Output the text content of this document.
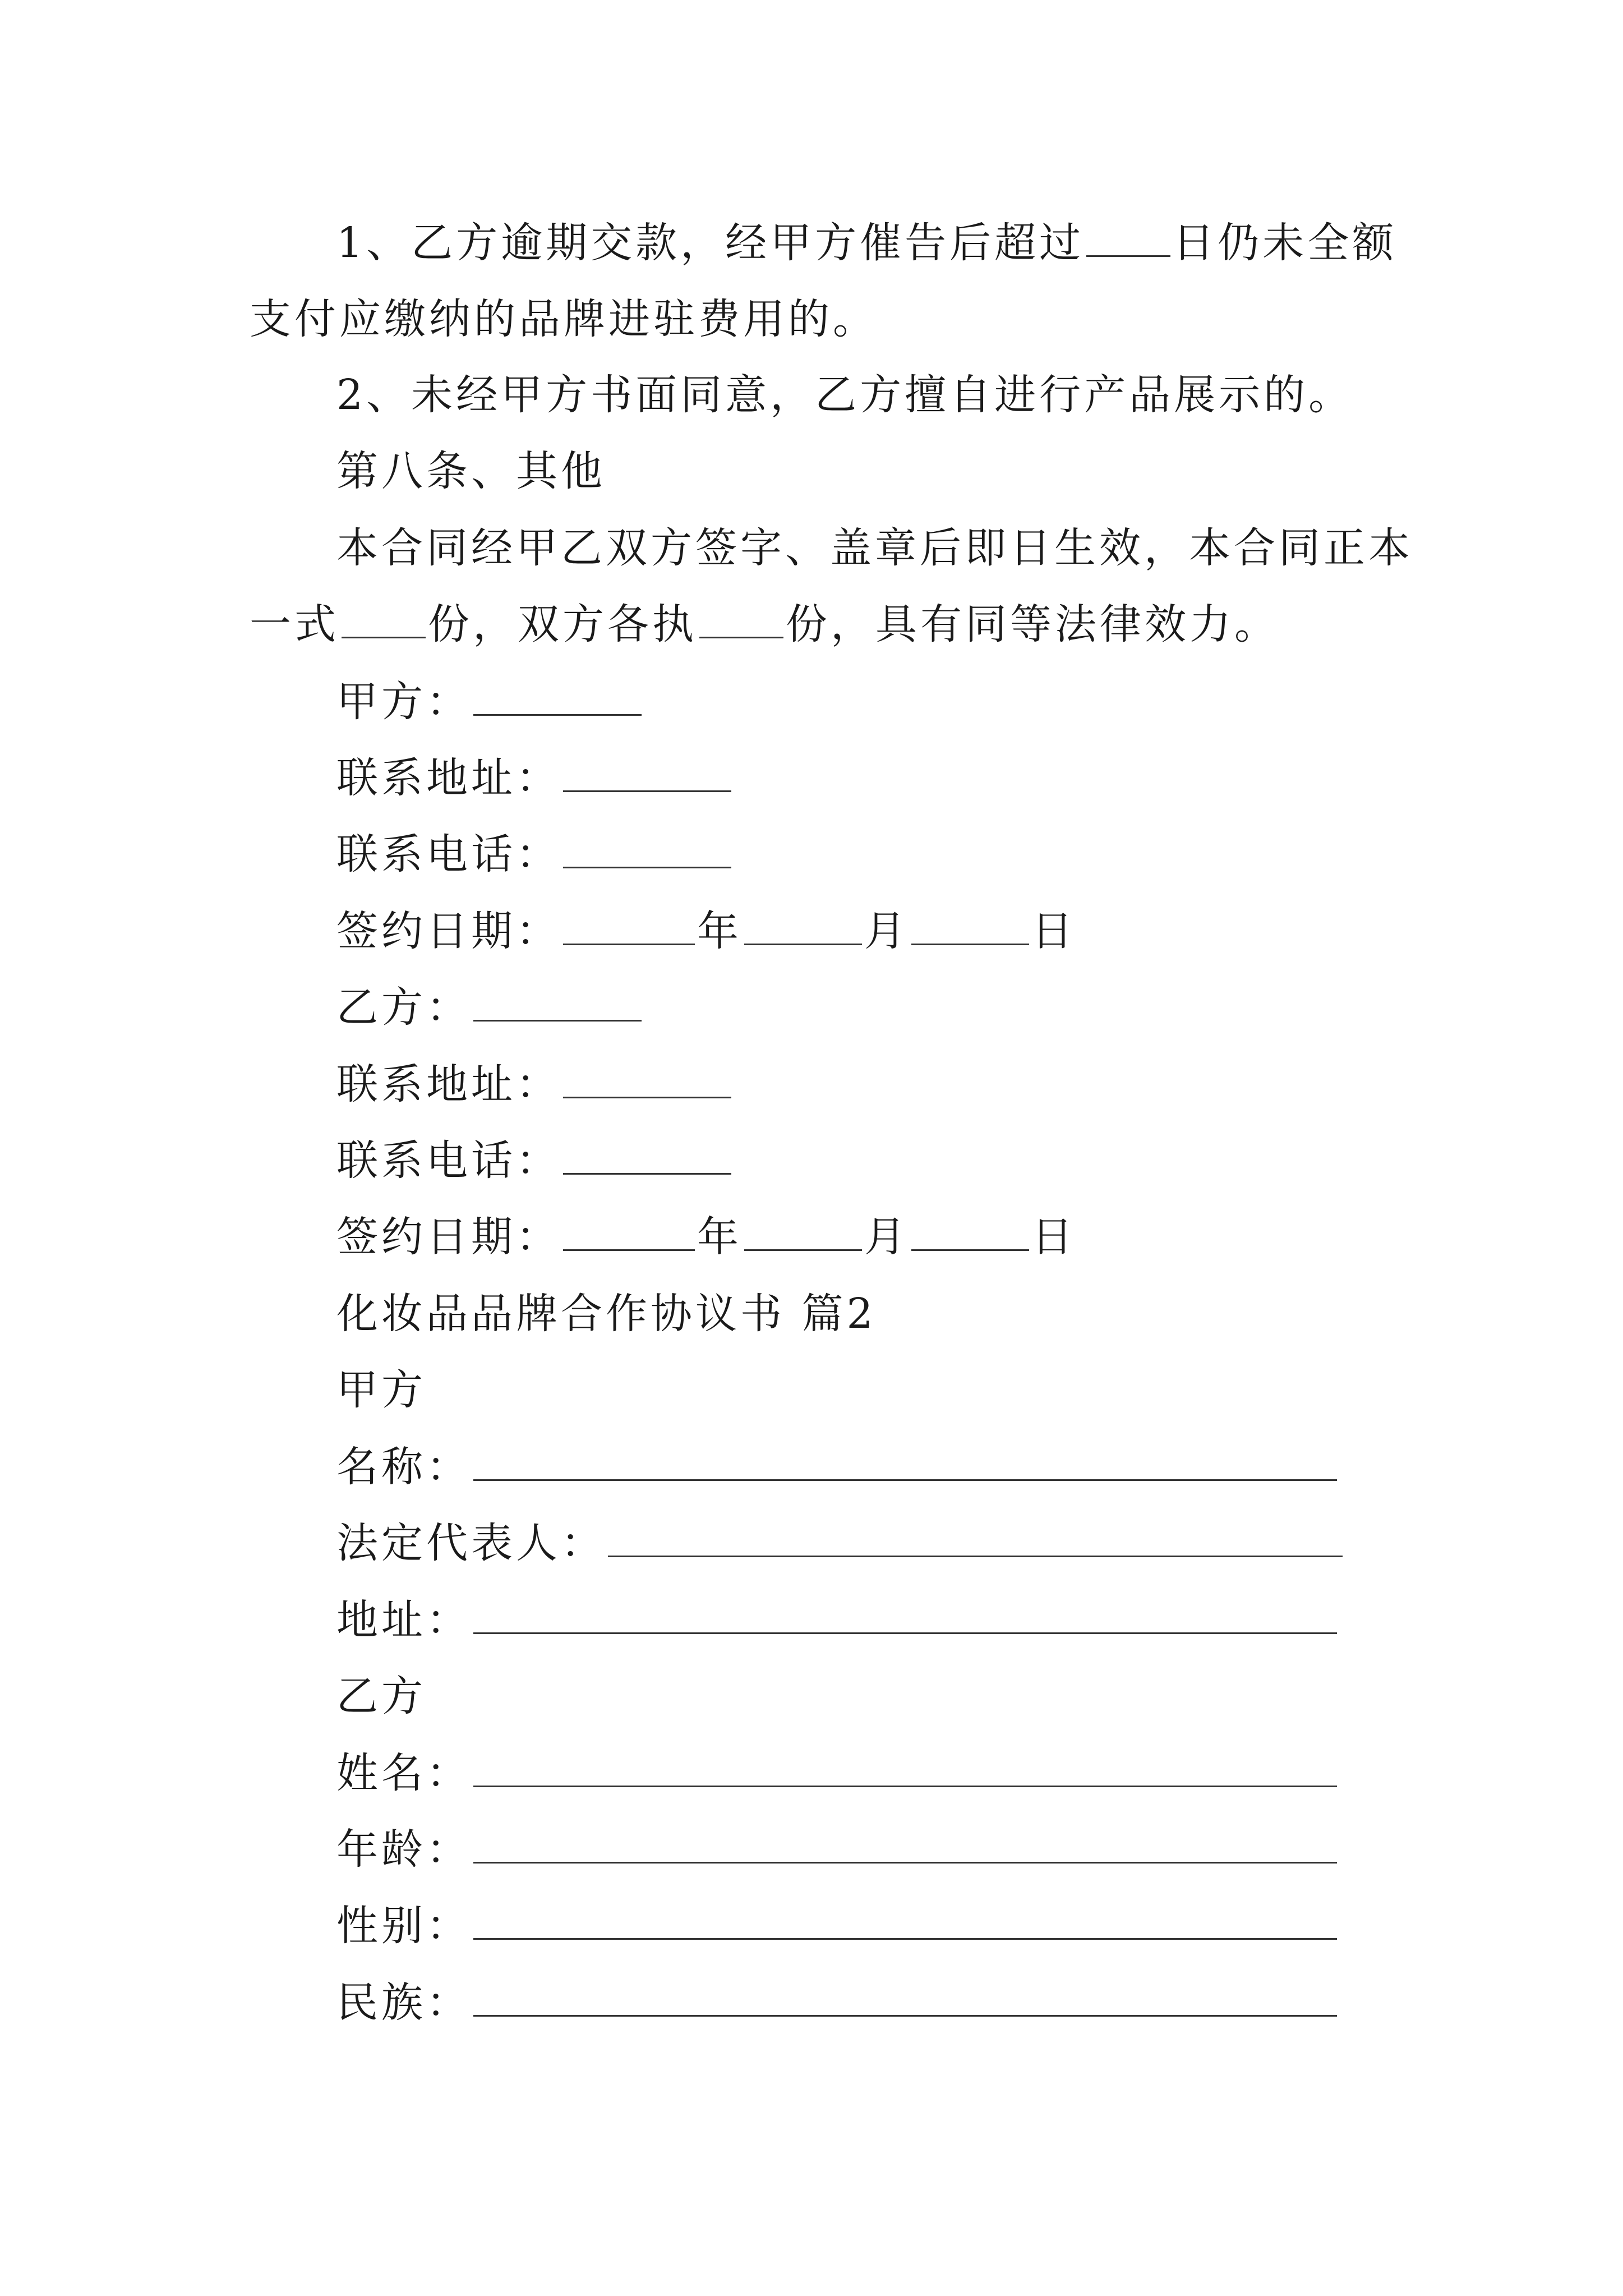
1、乙方逾期交款，经甲方催告后超过 日仍未全额
支付应缴纳的品牌进驻费用的。
2、未经甲方书面同意，乙方擅自进行产品展示的。
第八条、其他
本合同经甲乙双方签字、盖章后即日生效，本合同正本
一式 份，双方各执 份，具有同等法律效力。
甲方：
联系地址：
联系电话：
签约日期：	年	月	日
乙方：
联系地址：
联系电话：
签约日期：	年	月	日
化妆品品牌合作协议书 篇2
甲方
名称：
法定代表人：
地址：
乙方
姓名：
年龄：
性别：
民族：
